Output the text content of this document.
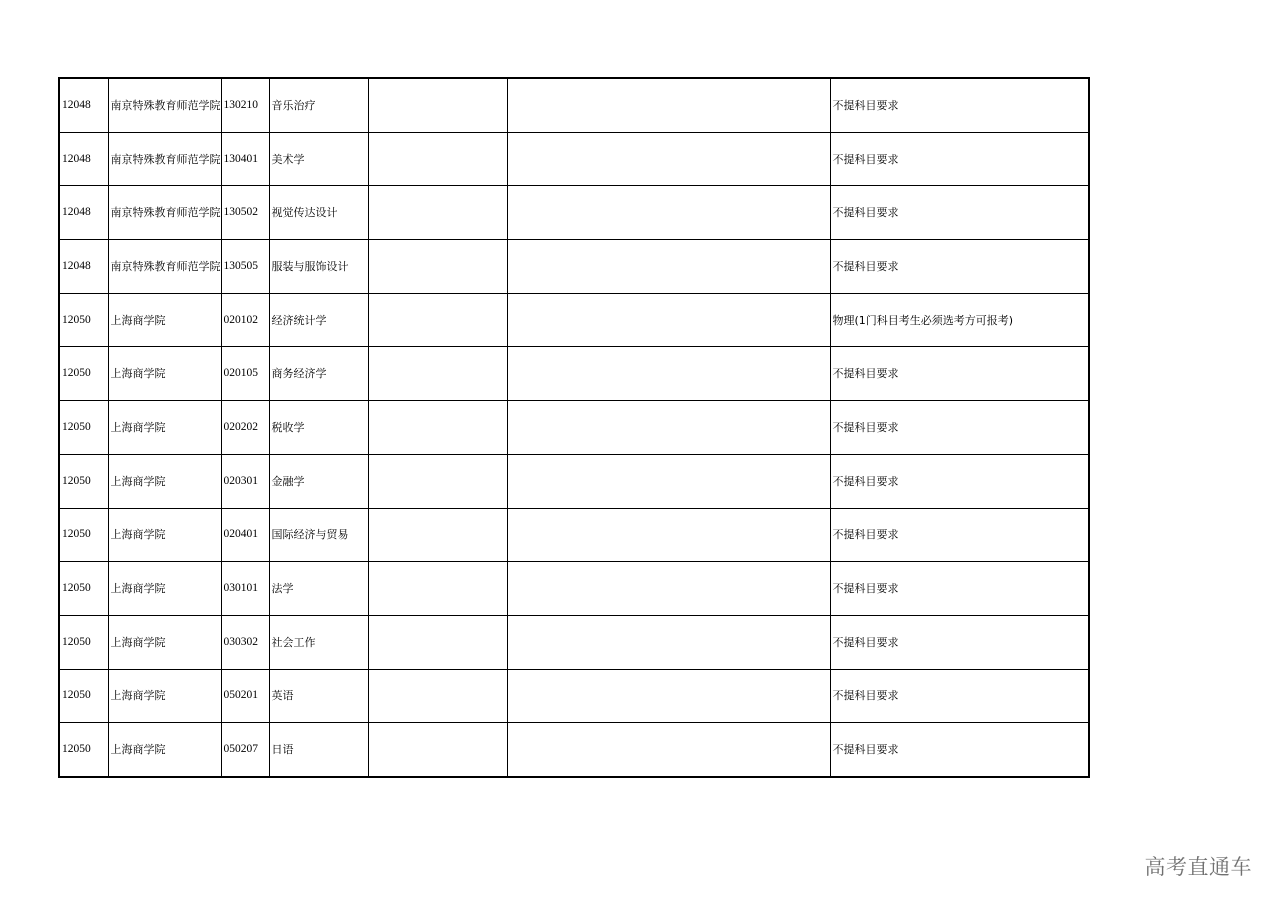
12048	南京特殊教育师范学院	130210	音乐治疗			不提科目要求
12048	南京特殊教育师范学院	130401	美术学			不提科目要求
12048	南京特殊教育师范学院	130502	视觉传达设计			不提科目要求
12048	南京特殊教育师范学院	130505	服装与服饰设计			不提科目要求
12050	上海商学院	020102	经济统计学			物理(1门科目考生必须选考方可报考)
12050	上海商学院	020105	商务经济学			不提科目要求
12050	上海商学院	020202	税收学			不提科目要求
12050	上海商学院	020301	金融学			不提科目要求
12050	上海商学院	020401	国际经济与贸易			不提科目要求
12050	上海商学院	030101	法学			不提科目要求
12050	上海商学院	030302	社会工作			不提科目要求
12050	上海商学院	050201	英语			不提科目要求
12050	上海商学院	050207	日语			不提科目要求
高考直通车
